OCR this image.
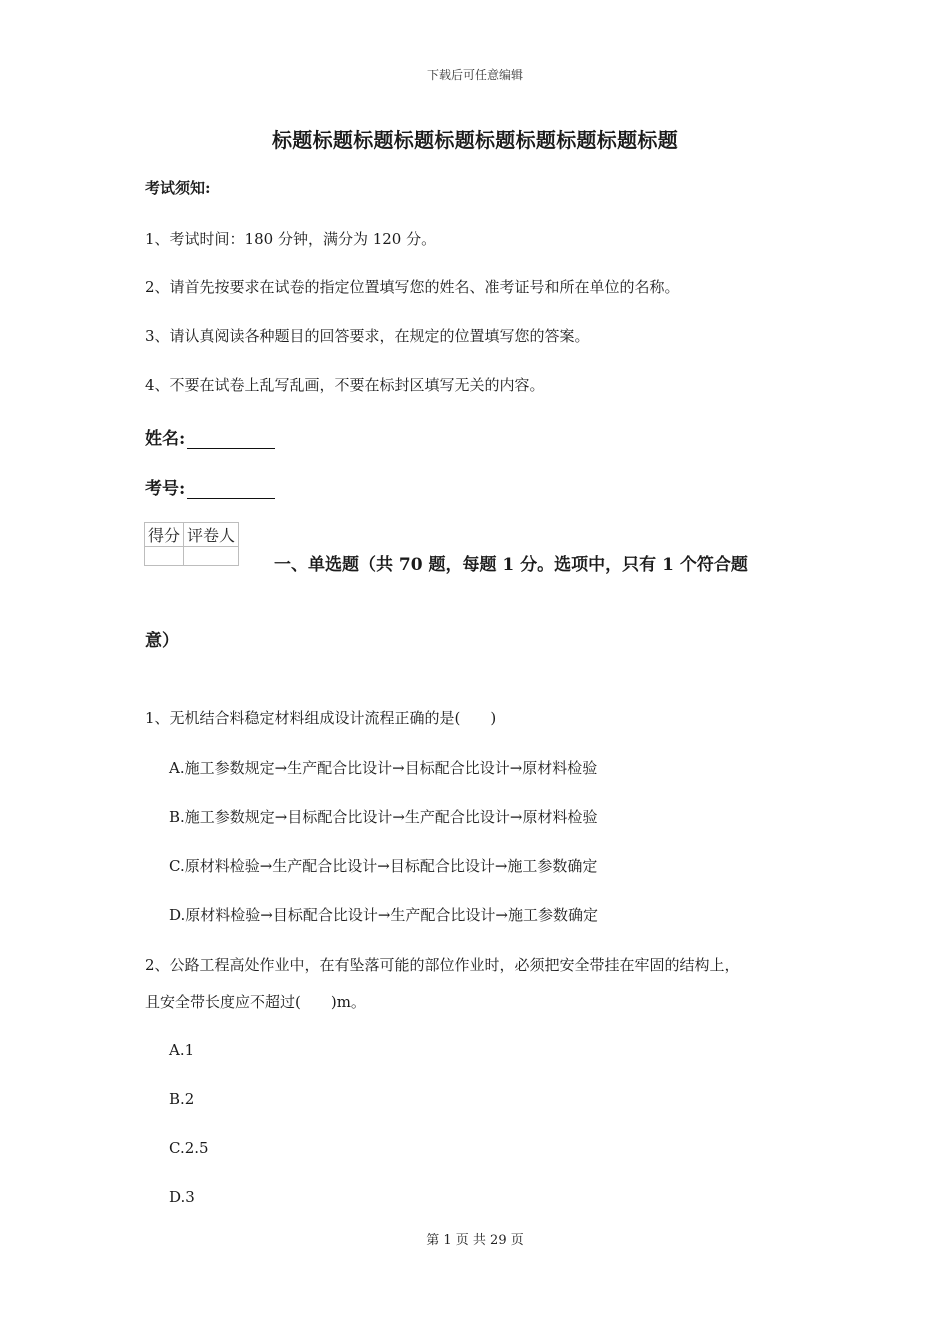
下载后可任意编辑
标题标题标题标题标题标题标题标题标题标题
考试须知:
1、考试时间：180 分钟，满分为 120 分。
2、请首先按要求在试卷的指定位置填写您的姓名、准考证号和所在单位的名称。
3、请认真阅读各种题目的回答要求，在规定的位置填写您的答案。
4、不要在试卷上乱写乱画，不要在标封区填写无关的内容。
姓名:
考号:
得分	评卷人

一、单选题（共 70 题，每题 1 分。选项中，只有 1 个符合题
意）
1、无机结合料稳定材料组成设计流程正确的是(　　)
A.施工参数规定→生产配合比设计→目标配合比设计→原材料检验
B.施工参数规定→目标配合比设计→生产配合比设计→原材料检验
C.原材料检验→生产配合比设计→目标配合比设计→施工参数确定
D.原材料检验→目标配合比设计→生产配合比设计→施工参数确定
2、公路工程高处作业中，在有坠落可能的部位作业时，必须把安全带挂在牢固的结构上，
且安全带长度应不超过(　　)m。
A.1
B.2
C.2.5
D.3
第 1 页 共 29 页
